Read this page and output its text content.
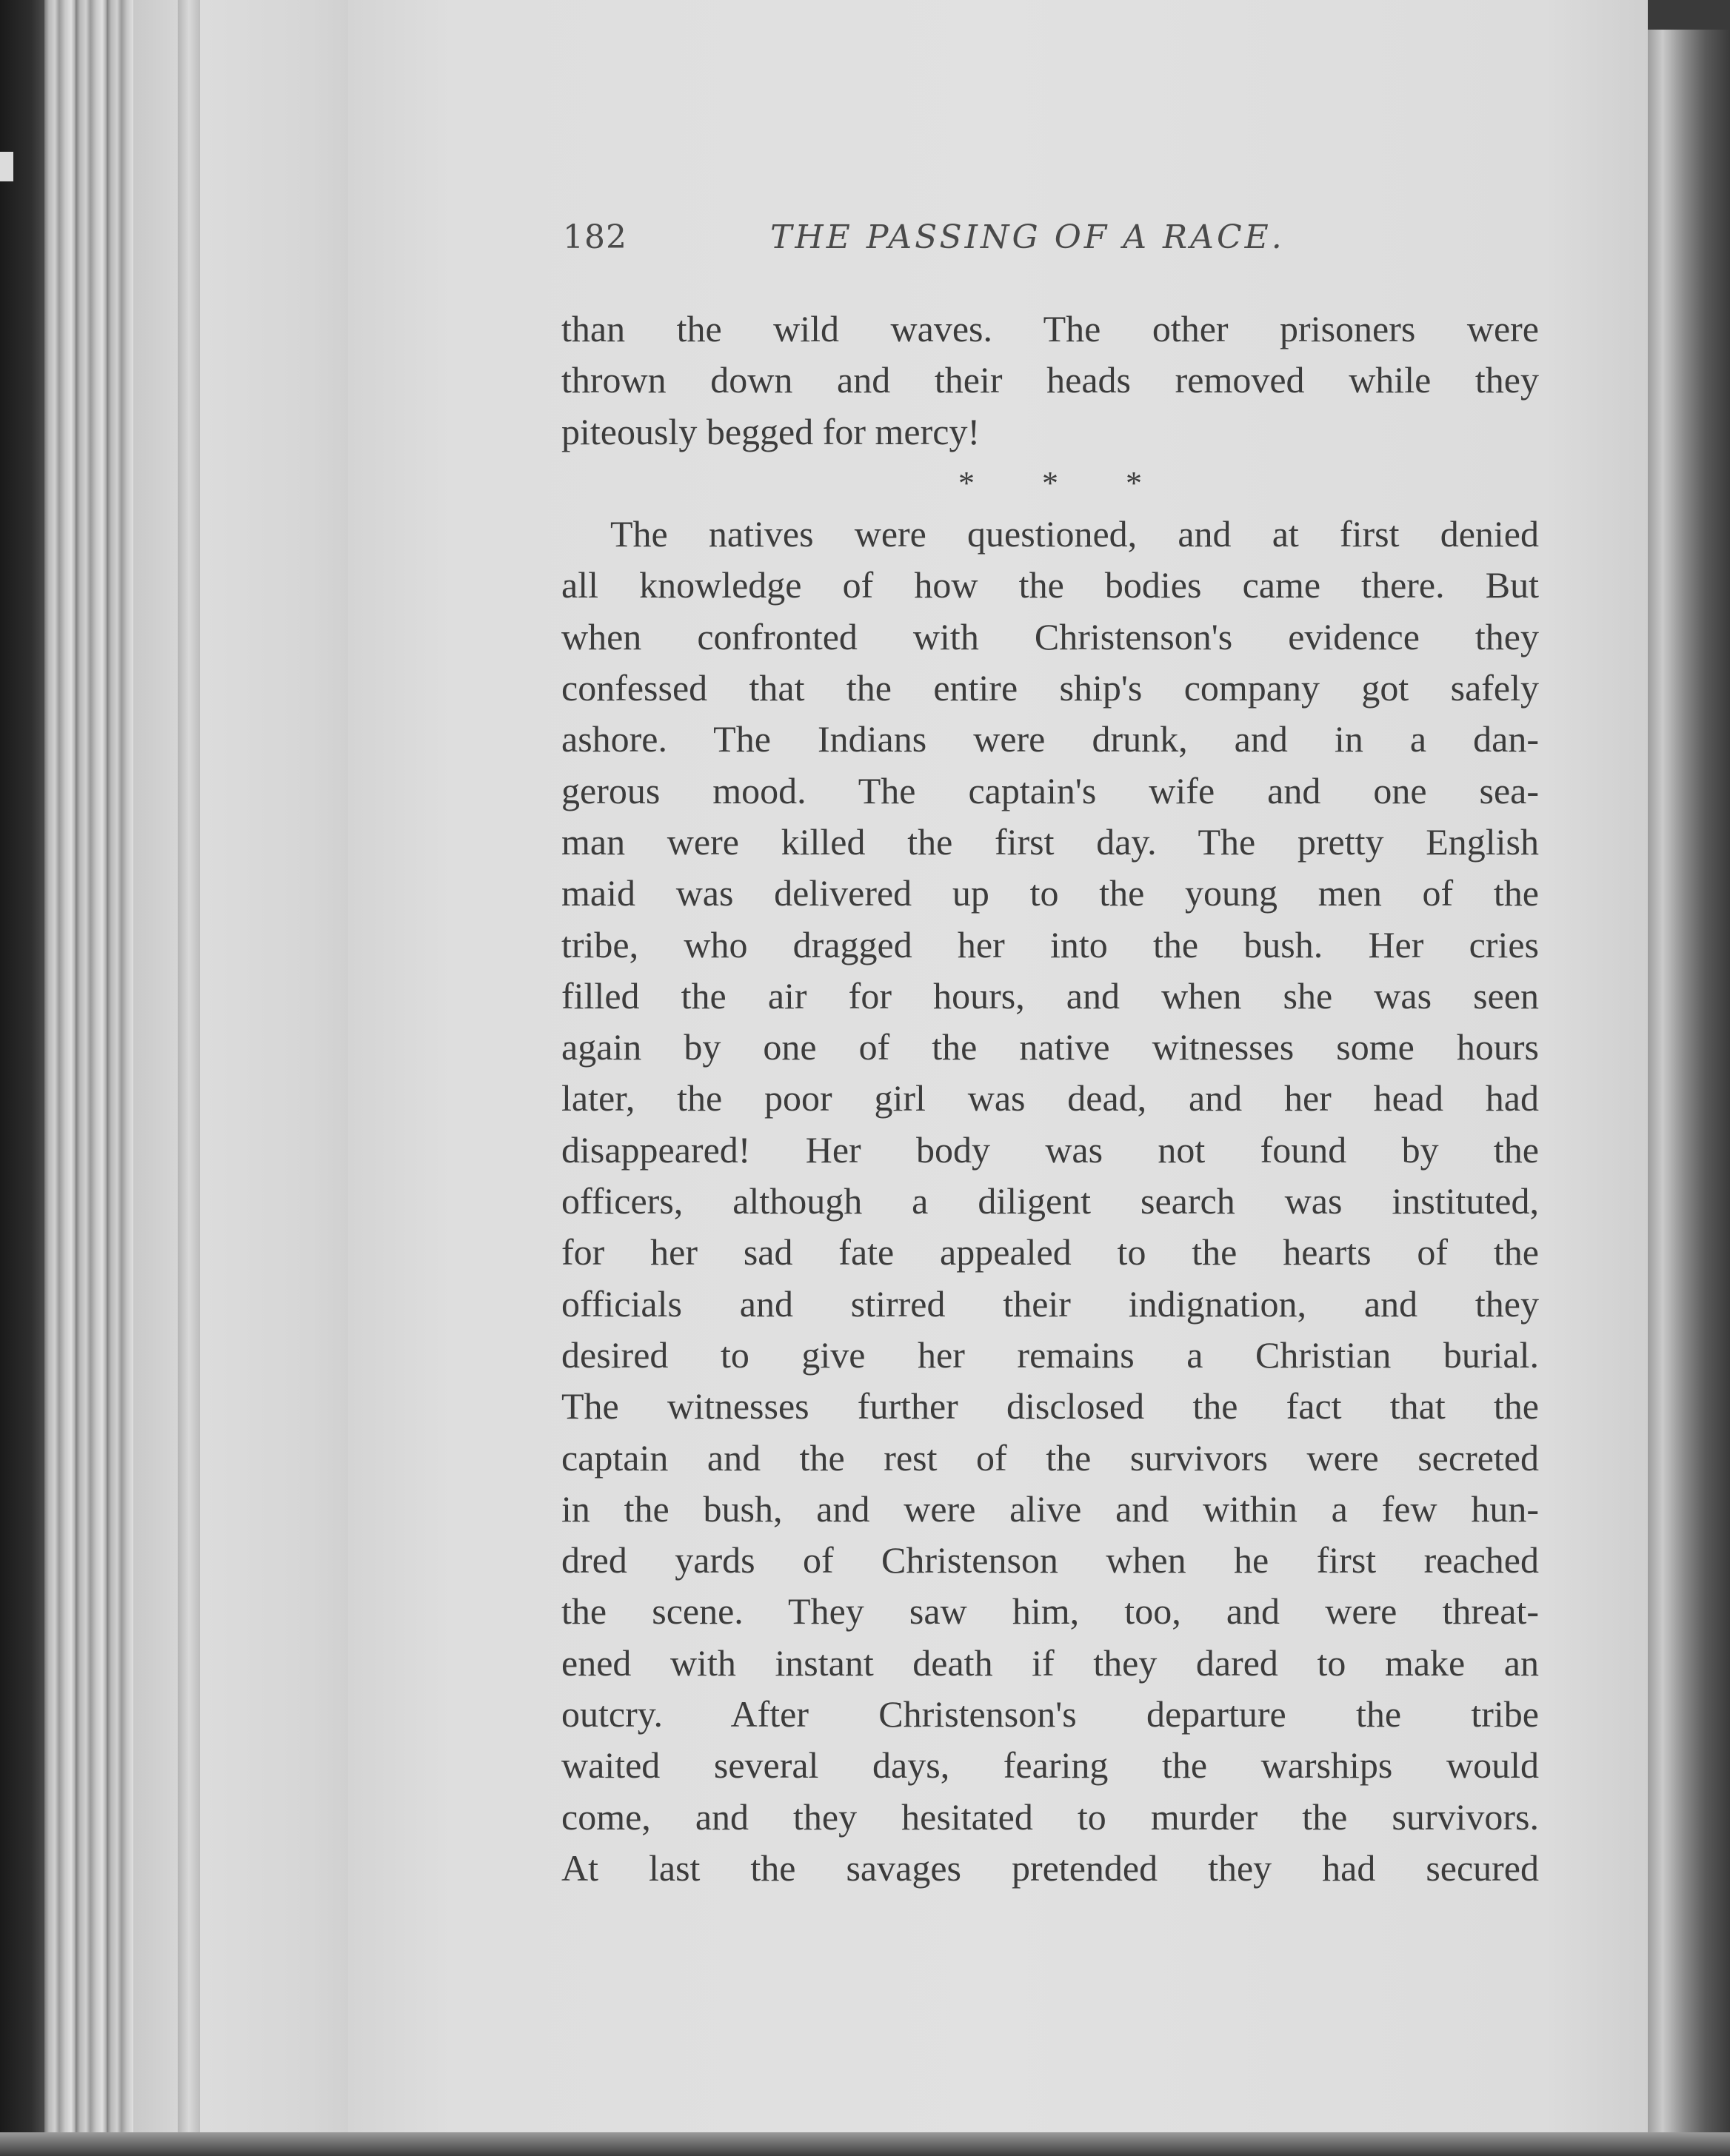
182	THE PASSING OF A RACE.
than the wild waves. The other prisoners were
thrown down and their heads removed while they
piteously begged for mercy!
* * *
The natives were questioned, and at first denied
all knowledge of how the bodies came there. But
when confronted with Christenson's evidence they
confessed that the entire ship's company got safely
ashore. The Indians were drunk, and in a dan-
gerous mood. The captain's wife and one sea-
man were killed the first day. The pretty English
maid was delivered up to the young men of the
tribe, who dragged her into the bush. Her cries
filled the air for hours, and when she was seen
again by one of the native witnesses some hours
later, the poor girl was dead, and her head had
disappeared! Her body was not found by the
officers, although a diligent search was instituted,
for her sad fate appealed to the hearts of the
officials and stirred their indignation, and they
desired to give her remains a Christian burial.
The witnesses further disclosed the fact that the
captain and the rest of the survivors were secreted
in the bush, and were alive and within a few hun-
dred yards of Christenson when he first reached
the scene. They saw him, too, and were threat-
ened with instant death if they dared to make an
outcry. After Christenson's departure the tribe
waited several days, fearing the warships would
come, and they hesitated to murder the survivors.
At last the savages pretended they had secured
